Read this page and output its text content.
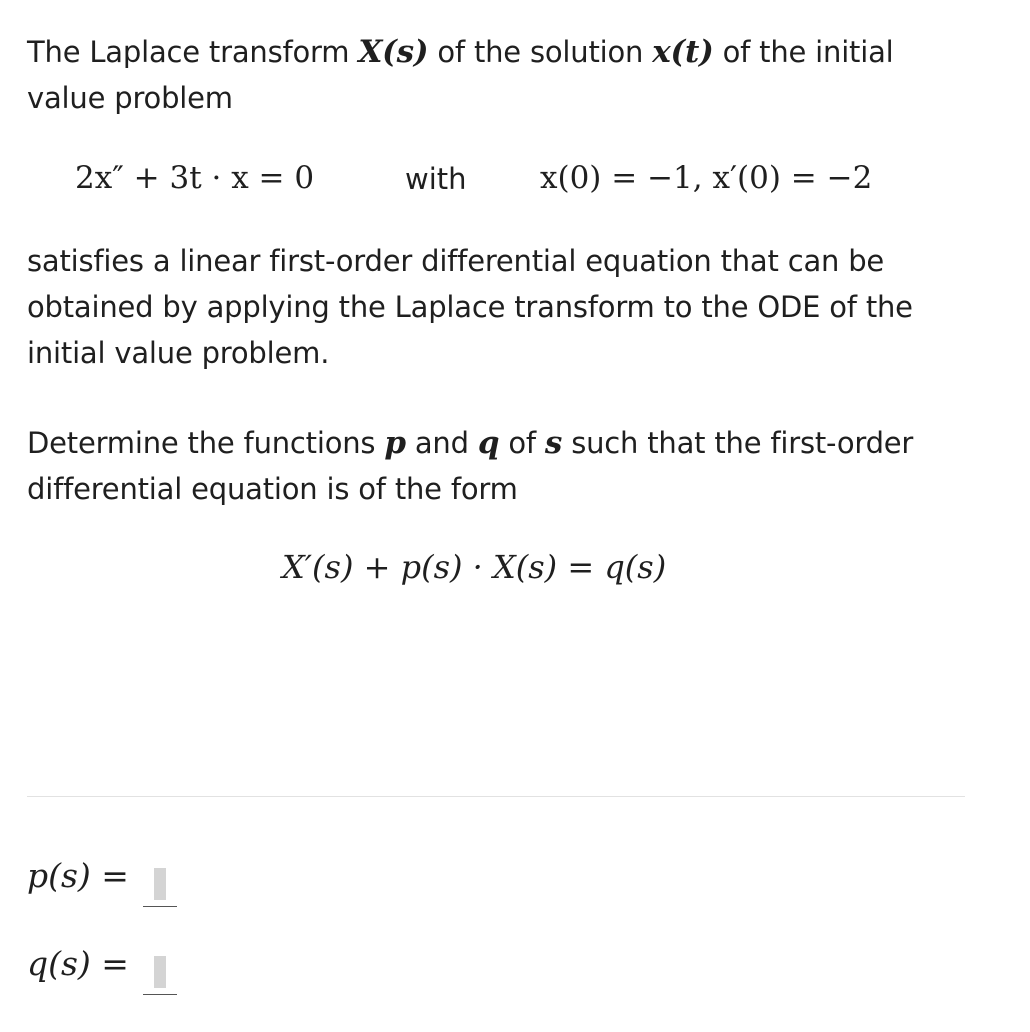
The Laplace transform X(s) of the solution x(t) of the initial value problem
2x″ + 3t · x = 0	with x(0) = −1, x′(0) = −2
satisfies a linear first-order differential equation that can be obtained by applying the Laplace transform to the ODE of the initial value problem.
Determine the functions p and q of s such that the first-order differential equation is of the form
X′(s) + p(s) · X(s) = q(s)
p(s) =
q(s) =
